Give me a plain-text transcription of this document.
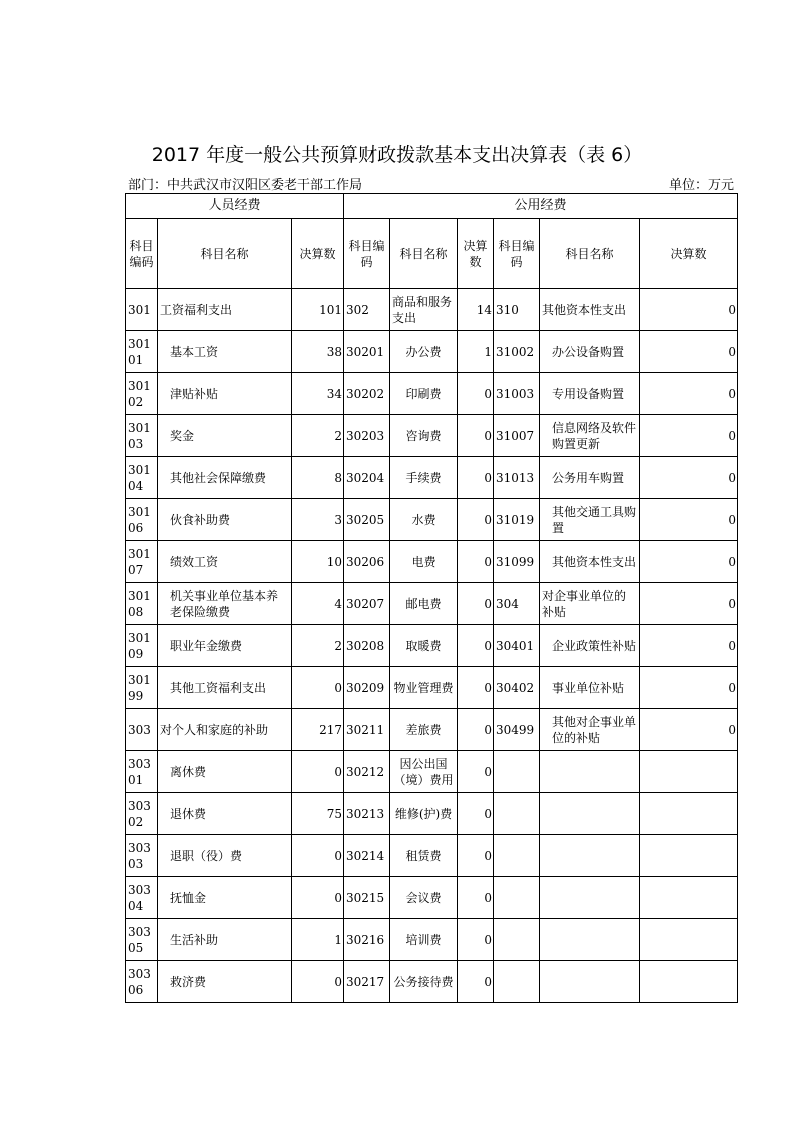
2017 年度一般公共预算财政拨款基本支出决算表（表 6）
部门：中共武汉市汉阳区委老干部工作局	单位：万元
人员经费			公用经费					
科目编码	科目名称	决算数	科目编码	科目名称	决算数	科目编码	科目名称	决算数
301	工资福利支出	101	302	商品和服务支出	14	310	其他资本性支出	0
30101	基本工资	38	30201	办公费	1	31002	办公设备购置	0
30102	津贴补贴	34	30202	印刷费	0	31003	专用设备购置	0
30103	奖金	2	30203	咨询费	0	31007	信息网络及软件购置更新	0
30104	其他社会保障缴费	8	30204	手续费	0	31013	公务用车购置	0
30106	伙食补助费	3	30205	水费	0	31019	其他交通工具购置	0
30107	绩效工资	10	30206	电费	0	31099	其他资本性支出	0
30108	机关事业单位基本养老保险缴费	4	30207	邮电费	0	304	对企事业单位的补贴	0
30109	职业年金缴费	2	30208	取暖费	0	30401	企业政策性补贴	0
30199	其他工资福利支出	0	30209	物业管理费	0	30402	事业单位补贴	0
303	对个人和家庭的补助	217	30211	差旅费	0	30499	其他对企事业单位的补贴	0
30301	离休费	0	30212	因公出国（境）费用	0			
30302	退休费	75	30213	维修(护)费	0			
30303	退职（役）费	0	30214	租赁费	0			
30304	抚恤金	0	30215	会议费	0			
30305	生活补助	1	30216	培训费	0			
30306	救济费	0	30217	公务接待费	0			
